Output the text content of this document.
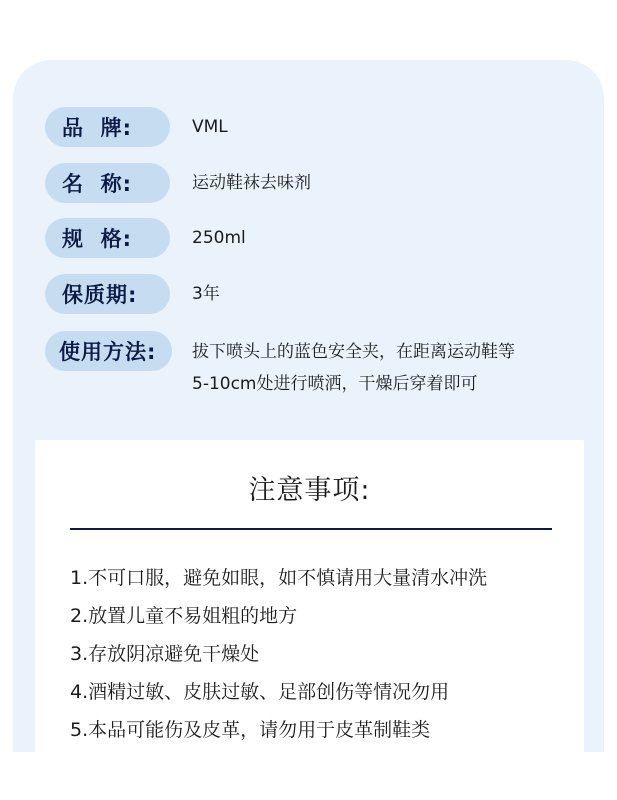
品  牌:	VML
名  称:	运动鞋袜去味剂
规  格:	250ml
保质期:	3年
使用方法:	拔下喷头上的蓝色安全夹，在距离运动鞋等
5-10cm处进行喷洒，干燥后穿着即可
注意事项:
1.不可口服，避免如眼，如不慎请用大量清水冲洗
2.放置儿童不易姐粗的地方
3.存放阴凉避免干燥处
4.酒精过敏、皮肤过敏、足部创伤等情况勿用
5.本品可能伤及皮革，请勿用于皮革制鞋类
